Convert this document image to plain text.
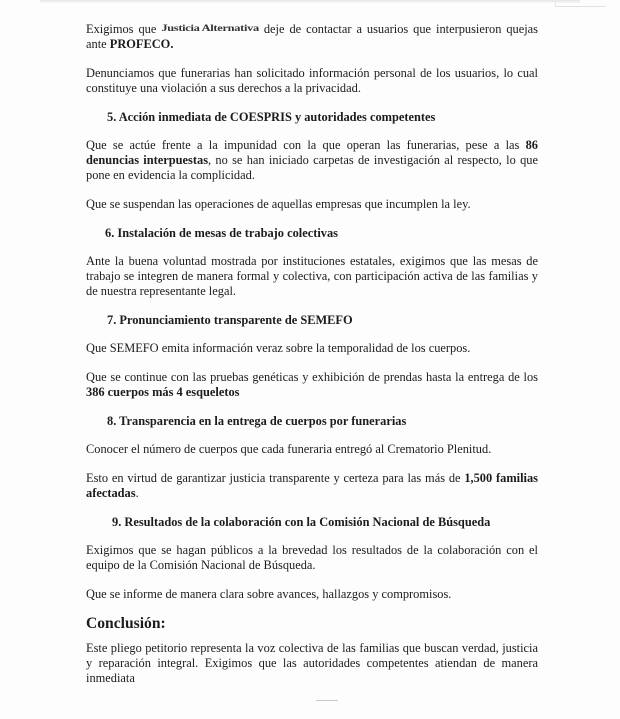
Exigimos que Justicia Alternativa deje de contactar a usuarios que interpusieron quejas ante PROFECO.

Denunciamos que funerarias han solicitado información personal de los usuarios, lo cual constituye una violación a sus derechos a la privacidad.

5. Acción inmediata de COESPRIS y autoridades competentes

Que se actúe frente a la impunidad con la que operan las funerarias, pese a las 86 denuncias interpuestas, no se han iniciado carpetas de investigación al respecto, lo que pone en evidencia la complicidad.

Que se suspendan las operaciones de aquellas empresas que incumplen la ley.

6. Instalación de mesas de trabajo colectivas

Ante la buena voluntad mostrada por instituciones estatales, exigimos que las mesas de trabajo se integren de manera formal y colectiva, con participación activa de las familias y de nuestra representante legal.

7. Pronunciamiento transparente de SEMEFO

Que SEMEFO emita información veraz sobre la temporalidad de los cuerpos.

Que se continue con las pruebas genéticas y exhibición de prendas hasta la entrega de los 386 cuerpos más 4 esqueletos

8. Transparencia en la entrega de cuerpos por funerarias

Conocer el número de cuerpos que cada funeraria entregó al Crematorio Plenitud.

Esto en virtud de garantizar justicia transparente y certeza para las más de 1,500 familias afectadas.

9. Resultados de la colaboración con la Comisión Nacional de Búsqueda

Exigimos que se hagan públicos a la brevedad los resultados de la colaboración con el equipo de la Comisión Nacional de Búsqueda.

Que se informe de manera clara sobre avances, hallazgos y compromisos.

Conclusión:

Este pliego petitorio representa la voz colectiva de las familias que buscan verdad, justicia y reparación integral. Exigimos que las autoridades competentes atiendan de manera inmediata
